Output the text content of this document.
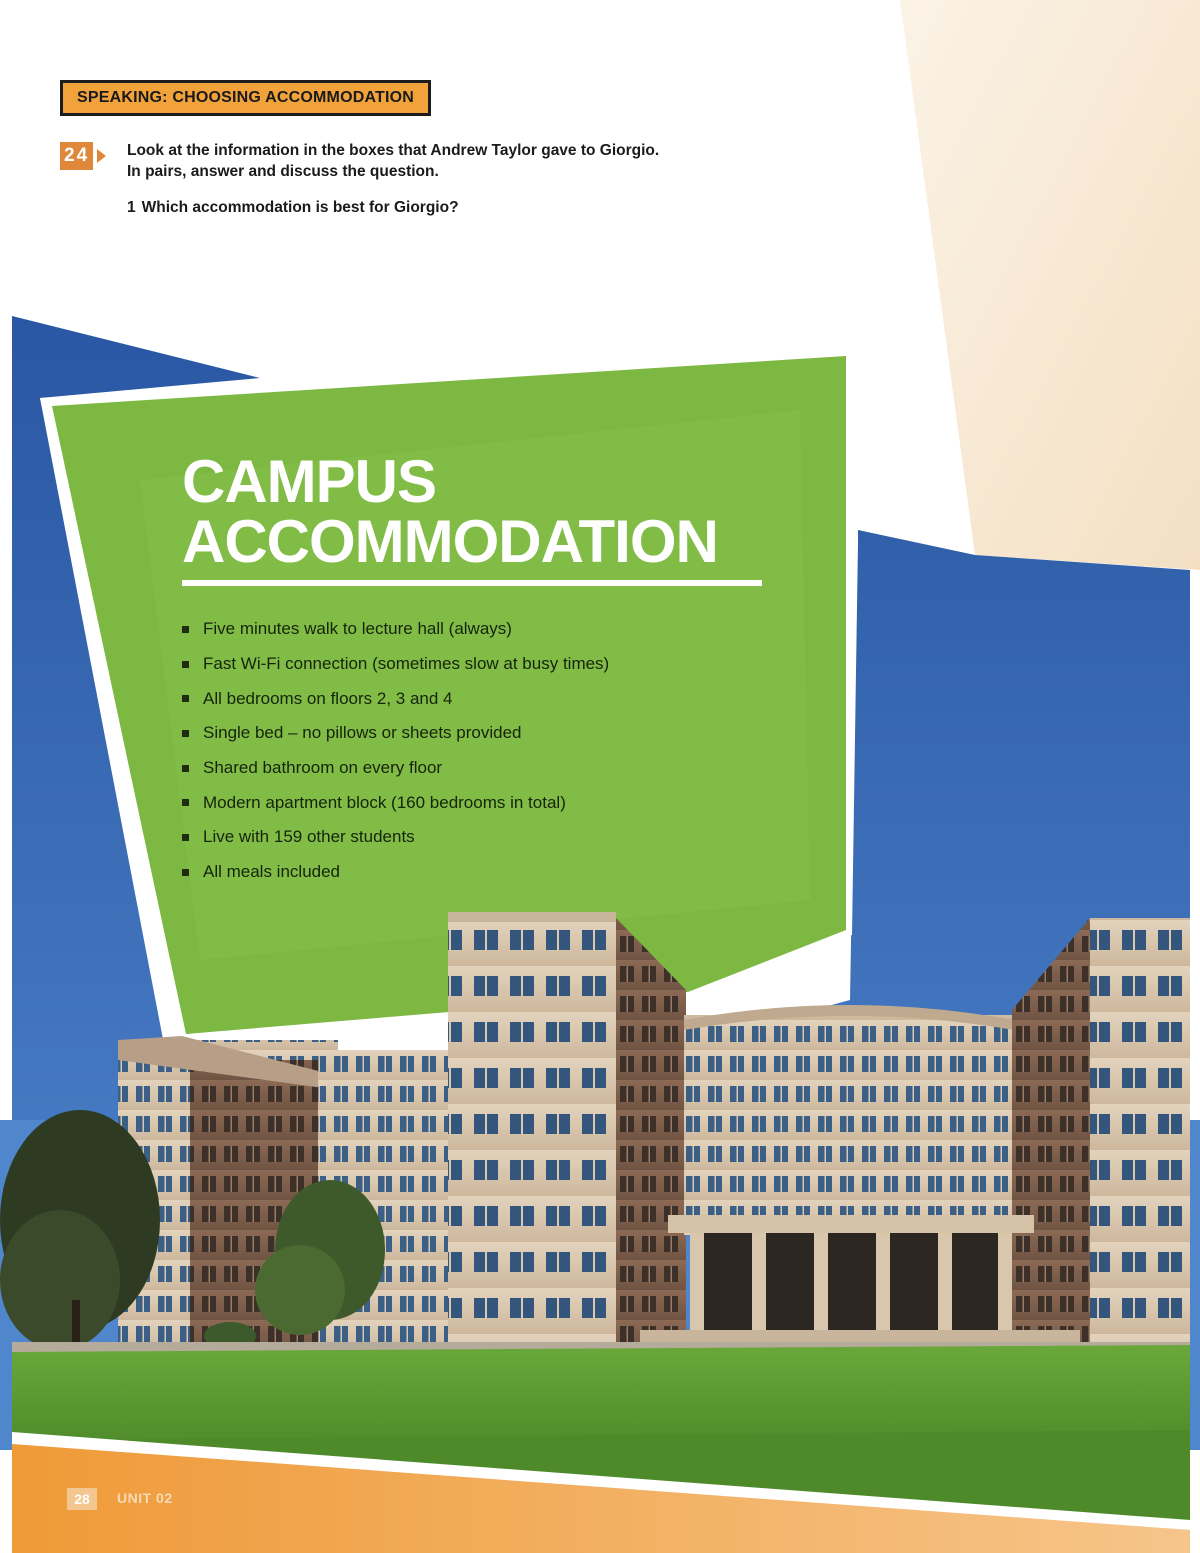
SPEAKING: CHOOSING ACCOMMODATION
24 Look at the information in the boxes that Andrew Taylor gave to Giorgio.
In pairs, answer and discuss the question.
1 Which accommodation is best for Giorgio?
CAMPUS
ACCOMMODATION
Five minutes walk to lecture hall (always)
Fast Wi-Fi connection (sometimes slow at busy times)
All bedrooms on floors 2, 3 and 4
Single bed – no pillows or sheets provided
Shared bathroom on every floor
Modern apartment block (160 bedrooms in total)
Live with 159 other students
All meals included
28 UNIT 02
